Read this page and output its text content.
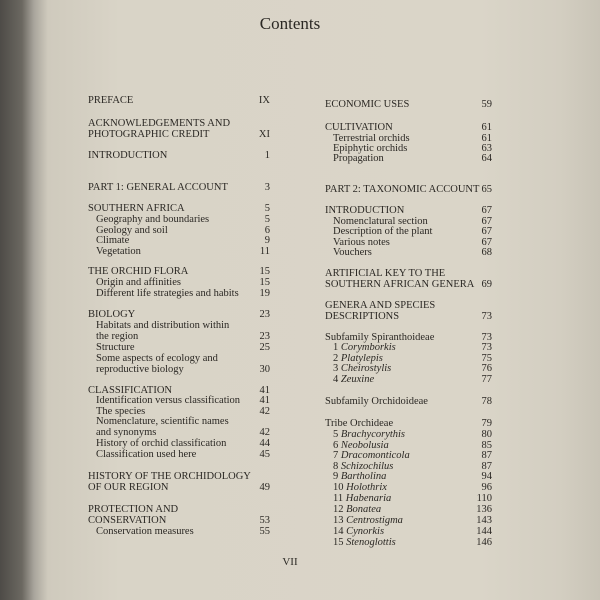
Contents
PREFACE	IX
ACKNOWLEDGEMENTS AND
PHOTOGRAPHIC CREDIT	XI
INTRODUCTION	1
PART 1: GENERAL ACCOUNT	3
SOUTHERN AFRICA	5
Geography and boundaries	5
Geology and soil	6
Climate	9
Vegetation	11
THE ORCHID FLORA	15
Origin and affinities	15
Different life strategies and habits	19
BIOLOGY	23
Habitats and distribution within
the region	23
Structure	25
Some aspects of ecology and
reproductive biology	30
CLASSIFICATION	41
Identification versus classification	41
The species	42
Nomenclature, scientific names
and synonyms	42
History of orchid classification	44
Classification used here	45
HISTORY OF THE ORCHIDOLOGY
OF OUR REGION	49
PROTECTION AND
CONSERVATION	53
Conservation measures	55
ECONOMIC USES	59
CULTIVATION	61
Terrestrial orchids	61
Epiphytic orchids	63
Propagation	64
PART 2: TAXONOMIC ACCOUNT 65
INTRODUCTION	67
Nomenclatural section	67
Description of the plant	67
Various notes	67
Vouchers	68
ARTIFICIAL KEY TO THE
SOUTHERN AFRICAN GENERA 69
GENERA AND SPECIES
DESCRIPTIONS	73
Subfamily Spiranthoideae	73
1 Corymborkis	73
2 Platylepis	75
3 Cheirostylis	76
4 Zeuxine	77
Subfamily Orchidoideae	78
Tribe Orchideae	79
5 Brachycorythis	80
6 Neobolusia	85
7 Dracomonticola	87
8 Schizochilus	87
9 Bartholina	94
10 Holothrix	96
11 Habenaria	110
12 Bonatea	136
13 Centrostigma	143
14 Cynorkis	144
15 Stenoglottis	146
VII
